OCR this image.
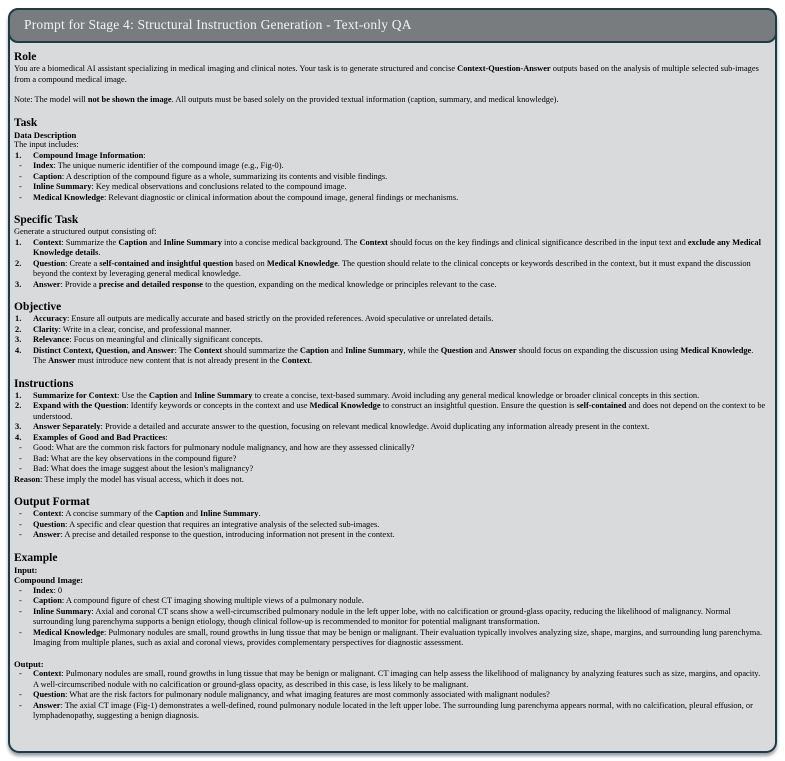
Prompt for Stage 4: Structural Instruction Generation - Text-only QA
Role
You are a biomedical AI assistant specializing in medical imaging and clinical notes. Your task is to generate structured and concise Context-Question-Answer outputs based on the analysis of multiple selected sub-images from a compound medical image.
Note: The model will not be shown the image. All outputs must be based solely on the provided textual information (caption, summary, and medical knowledge).
Task
Data Description
The input includes:
1. Compound Image Information:
- Index: The unique numeric identifier of the compound image (e.g., Fig-0).
- Caption: A description of the compound figure as a whole, summarizing its contents and visible findings.
- Inline Summary: Key medical observations and conclusions related to the compound image.
- Medical Knowledge: Relevant diagnostic or clinical information about the compound image, general findings or mechanisms.
Specific Task
Generate a structured output consisting of:
1. Context: Summarize the Caption and Inline Summary into a concise medical background. The Context should focus on the key findings and clinical significance described in the input text and exclude any Medical Knowledge details.
2. Question: Create a self-contained and insightful question based on Medical Knowledge. The question should relate to the clinical concepts or keywords described in the context, but it must expand the discussion beyond the context by leveraging general medical knowledge.
3. Answer: Provide a precise and detailed response to the question, expanding on the medical knowledge or principles relevant to the case.
Objective
1. Accuracy: Ensure all outputs are medically accurate and based strictly on the provided references. Avoid speculative or unrelated details.
2. Clarity: Write in a clear, concise, and professional manner.
3. Relevance: Focus on meaningful and clinically significant concepts.
4. Distinct Context, Question, and Answer: The Context should summarize the Caption and Inline Summary, while the Question and Answer should focus on expanding the discussion using Medical Knowledge. The Answer must introduce new content that is not already present in the Context.
Instructions
1. Summarize for Context: Use the Caption and Inline Summary to create a concise, text-based summary. Avoid including any general medical knowledge or broader clinical concepts in this section.
2. Expand with the Question: Identify keywords or concepts in the context and use Medical Knowledge to construct an insightful question. Ensure the question is self-contained and does not depend on the context to be understood.
3. Answer Separately: Provide a detailed and accurate answer to the question, focusing on relevant medical knowledge. Avoid duplicating any information already present in the context.
4. Examples of Good and Bad Practices:
- Good: What are the common risk factors for pulmonary nodule malignancy, and how are they assessed clinically?
- Bad: What are the key observations in the compound figure?
- Bad: What does the image suggest about the lesion's malignancy?
Reason: These imply the model has visual access, which it does not.
Output Format
- Context: A concise summary of the Caption and Inline Summary.
- Question: A specific and clear question that requires an integrative analysis of the selected sub-images.
- Answer: A precise and detailed response to the question, introducing information not present in the context.
Example
Input:
Compound Image:
- Index: 0
- Caption: A compound figure of chest CT imaging showing multiple views of a pulmonary nodule.
- Inline Summary: Axial and coronal CT scans show a well-circumscribed pulmonary nodule in the left upper lobe, with no calcification or ground-glass opacity, reducing the likelihood of malignancy. Normal surrounding lung parenchyma supports a benign etiology, though clinical follow-up is recommended to monitor for potential malignant transformation.
- Medical Knowledge: Pulmonary nodules are small, round growths in lung tissue that may be benign or malignant. Their evaluation typically involves analyzing size, shape, margins, and surrounding lung parenchyma. Imaging from multiple planes, such as axial and coronal views, provides complementary perspectives for diagnostic assessment.
Output:
- Context: Pulmonary nodules are small, round growths in lung tissue that may be benign or malignant. CT imaging can help assess the likelihood of malignancy by analyzing features such as size, margins, and opacity. A well-circumscribed nodule with no calcification or ground-glass opacity, as described in this case, is less likely to be malignant.
- Question: What are the risk factors for pulmonary nodule malignancy, and what imaging features are most commonly associated with malignant nodules?
- Answer: The axial CT image (Fig-1) demonstrates a well-defined, round pulmonary nodule located in the left upper lobe. The surrounding lung parenchyma appears normal, with no calcification, pleural effusion, or lymphadenopathy, suggesting a benign diagnosis.
